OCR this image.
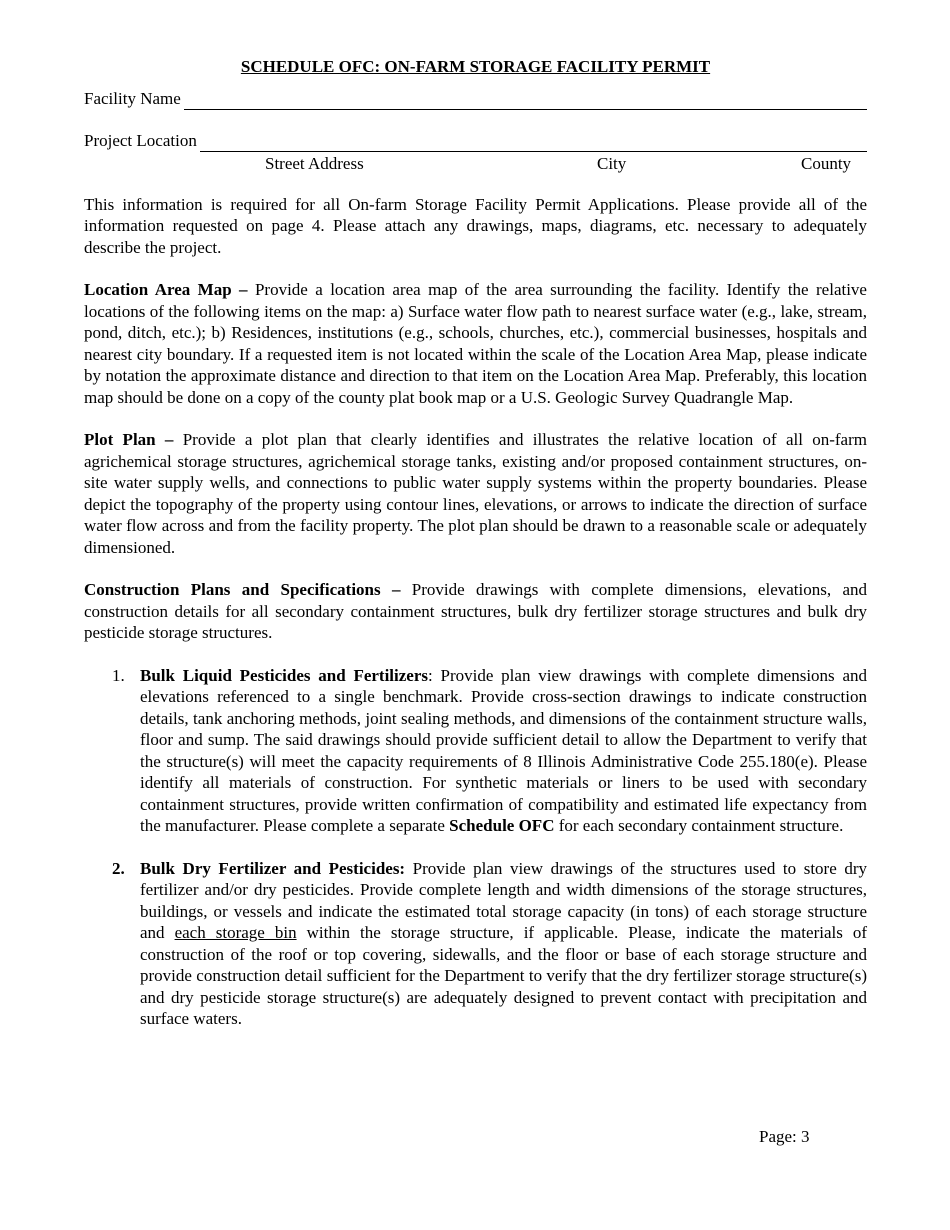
SCHEDULE OFC: ON-FARM STORAGE FACILITY PERMIT
Facility Name
Project Location
Street Address	City	County

This information is required for all On-farm Storage Facility Permit Applications. Please provide all of the information requested on page 4. Please attach any drawings, maps, diagrams, etc. necessary to adequately describe the project.

Location Area Map – Provide a location area map of the area surrounding the facility. Identify the relative locations of the following items on the map: a) Surface water flow path to nearest surface water (e.g., lake, stream, pond, ditch, etc.); b) Residences, institutions (e.g., schools, churches, etc.), commercial businesses, hospitals and nearest city boundary. If a requested item is not located within the scale of the Location Area Map, please indicate by notation the approximate distance and direction to that item on the Location Area Map. Preferably, this location map should be done on a copy of the county plat book map or a U.S. Geologic Survey Quadrangle Map.

Plot Plan – Provide a plot plan that clearly identifies and illustrates the relative location of all on-farm agrichemical storage structures, agrichemical storage tanks, existing and/or proposed containment structures, on-site water supply wells, and connections to public water supply systems within the property boundaries. Please depict the topography of the property using contour lines, elevations, or arrows to indicate the direction of surface water flow across and from the facility property. The plot plan should be drawn to a reasonable scale or adequately dimensioned.

Construction Plans and Specifications – Provide drawings with complete dimensions, elevations, and construction details for all secondary containment structures, bulk dry fertilizer storage structures and bulk dry pesticide storage structures.

1. Bulk Liquid Pesticides and Fertilizers: Provide plan view drawings with complete dimensions and elevations referenced to a single benchmark. Provide cross-section drawings to indicate construction details, tank anchoring methods, joint sealing methods, and dimensions of the containment structure walls, floor and sump. The said drawings should provide sufficient detail to allow the Department to verify that the structure(s) will meet the capacity requirements of 8 Illinois Administrative Code 255.180(e). Please identify all materials of construction. For synthetic materials or liners to be used with secondary containment structures, provide written confirmation of compatibility and estimated life expectancy from the manufacturer. Please complete a separate Schedule OFC for each secondary containment structure.

2. Bulk Dry Fertilizer and Pesticides: Provide plan view drawings of the structures used to store dry fertilizer and/or dry pesticides. Provide complete length and width dimensions of the storage structures, buildings, or vessels and indicate the estimated total storage capacity (in tons) of each storage structure and each storage bin within the storage structure, if applicable. Please, indicate the materials of construction of the roof or top covering, sidewalls, and the floor or base of each storage structure and provide construction detail sufficient for the Department to verify that the dry fertilizer storage structure(s) and dry pesticide storage structure(s) are adequately designed to prevent contact with precipitation and surface waters.

Page: 3
